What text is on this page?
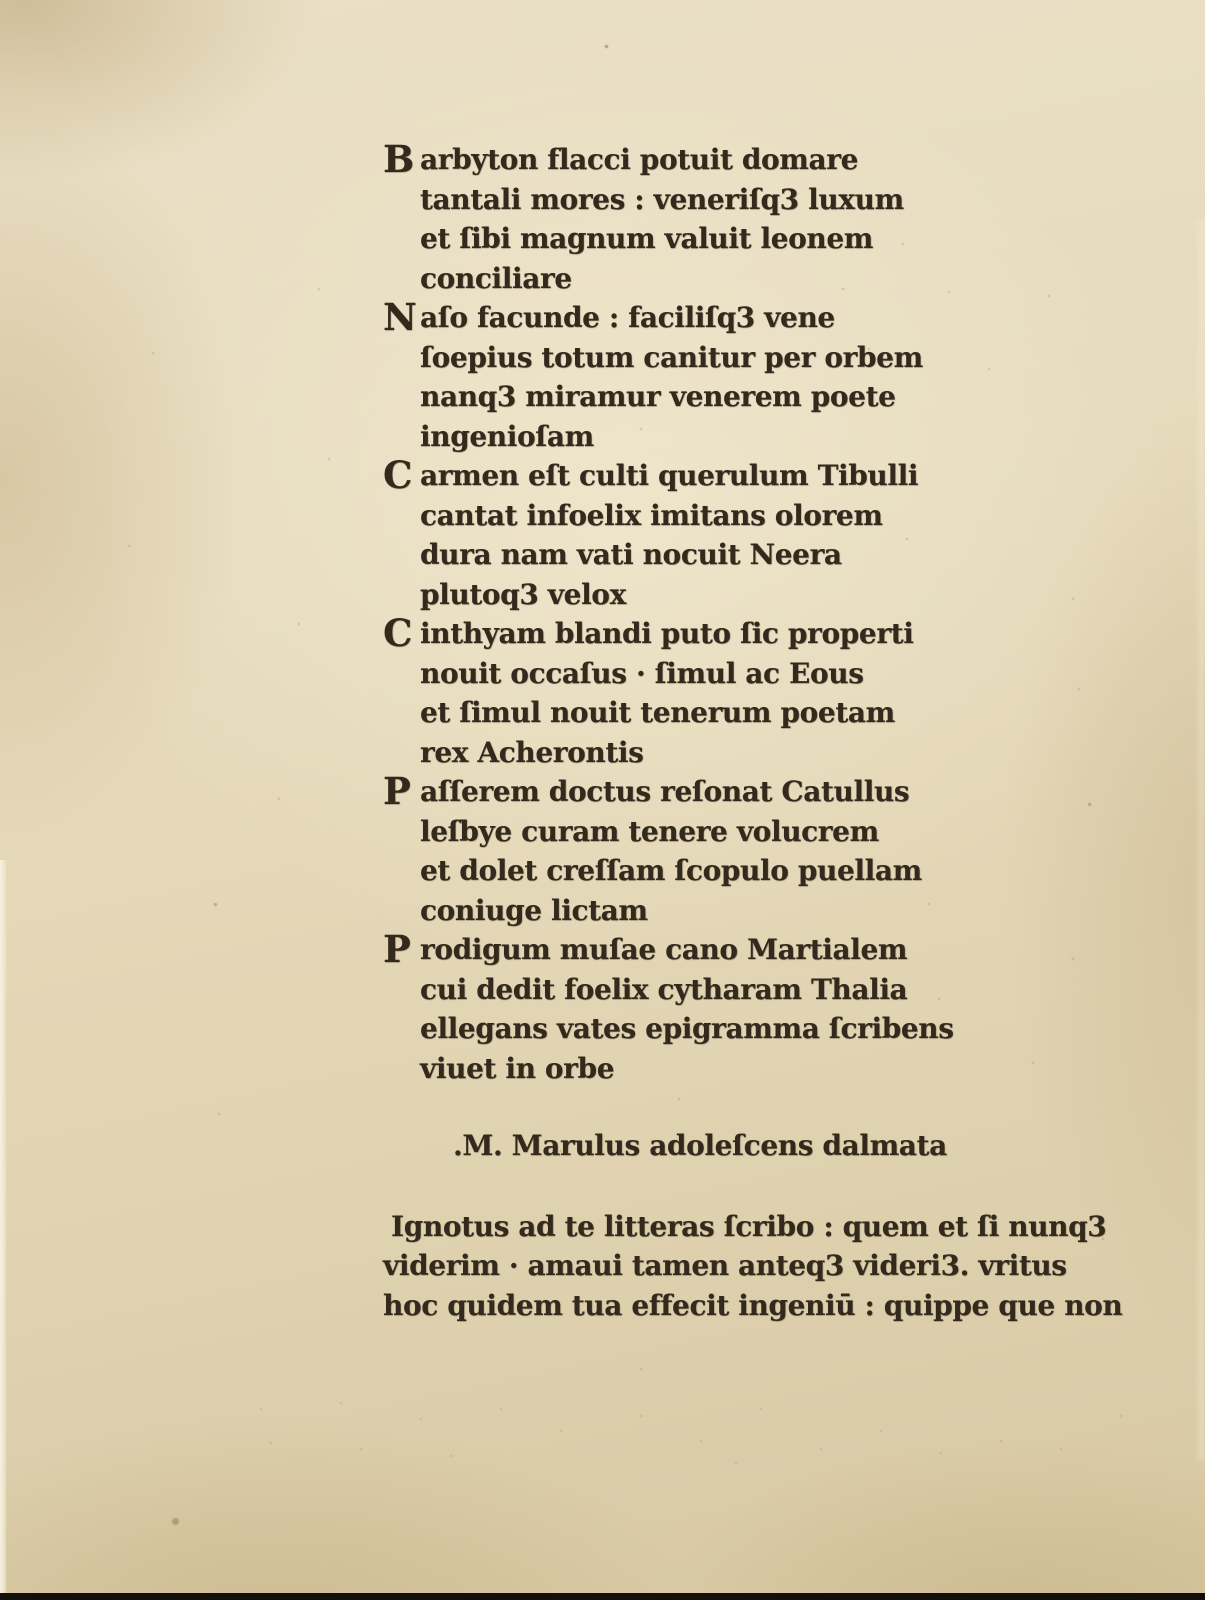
B arbyton flacci potuit domare
tantali mores : veneriſq3 luxum
et ſibi magnum valuit leonem
conciliare
N aſo facunde : faciliſq3 vene
ſoepius totum canitur per orbem
nanq3 miramur venerem poete
ingenioſam
C armen eſt culti querulum Tibulli
cantat infoelix imitans olorem
dura nam vati nocuit Neera
plutoq3 velox
C inthyam blandi puto ſic properti
nouit occaſus · ſimul ac Eous
et ſimul nouit tenerum poetam
rex Acherontis
P aſſerem doctus reſonat Catullus
leſbye curam tenere volucrem
et dolet creſſam ſcopulo puellam
coniuge lictam
P rodigum muſae cano Martialem
cui dedit foelix cytharam Thalia
ellegans vates epigramma ſcribens
viuet in orbe
.M. Marulus adoleſcens dalmata
Ignotus ad te litteras ſcribo : quem et ſi nunq3
viderim · amaui tamen anteq3 videri3. vritus
hoc quidem tua effecit ingeniū : quippe que non
